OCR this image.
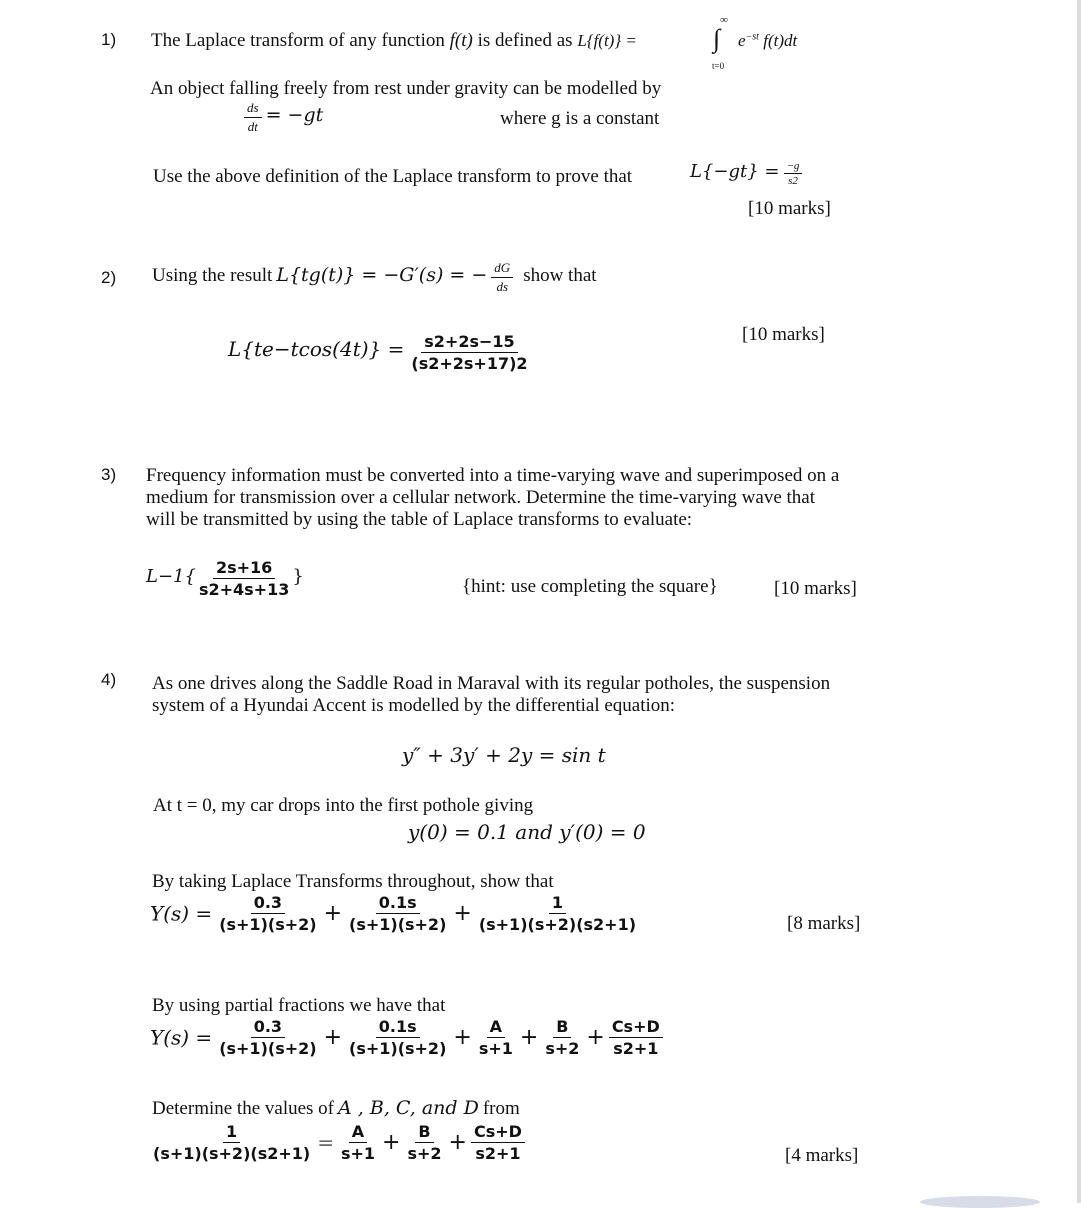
1) The Laplace transform of any function f(t) is defined as L{f(t)} =
∞
∫
t=0
$e^{-st}$ f(t)dt
An object falling freely from rest under gravity can be modelled by
$\frac{ds}{dt} = -gt$	where g is a constant
Use the above definition of the Laplace transform to prove that	$L\{-gt\} = \frac{-g}{s2}$
[10 marks]
2) Using the result L{tg(t)} = −G′(s) = − $\frac{dG}{ds}$ show that
$L\{te-tcos(4t)\} = \frac{s2+2s-15}{(s2+2s+17)2}$	[10 marks]
3) Frequency information must be converted into a time-varying wave and superimposed on a
medium for transmission over a cellular network. Determine the time-varying wave that
will be transmitted by using the table of Laplace transforms to evaluate:
$L-1\{ \frac{2s+16}{s2+4s+13}$ }	{hint: use completing the square}	[10 marks]
4) As one drives along the Saddle Road in Maraval with its regular potholes, the suspension
system of a Hyundai Accent is modelled by the differential equation:
y″ + 3y′ + 2y = sin t
At t = 0, my car drops into the first pothole giving
y(0) = 0.1 and y′(0) = 0
By taking Laplace Transforms throughout, show that
$Y(s) = \frac{0.3}{(s+1)(s+2)} + \frac{0.1s}{(s+1)(s+2)} + \frac{1}{(s+1)(s+2)(s2+1)}$	[8 marks]
By using partial fractions we have that
$Y(s) = \frac{0.3}{(s+1)(s+2)} + \frac{0.1s}{(s+1)(s+2)} + \frac{A}{s+1} + \frac{B}{s+2} + \frac{Cs+D}{s2+1}$
Determine the values of A , B, C, and D from
$\frac{1}{(s+1)(s+2)(s2+1)} = \frac{A}{s+1} + \frac{B}{s+2} + \frac{Cs+D}{s2+1}$	[4 marks]
